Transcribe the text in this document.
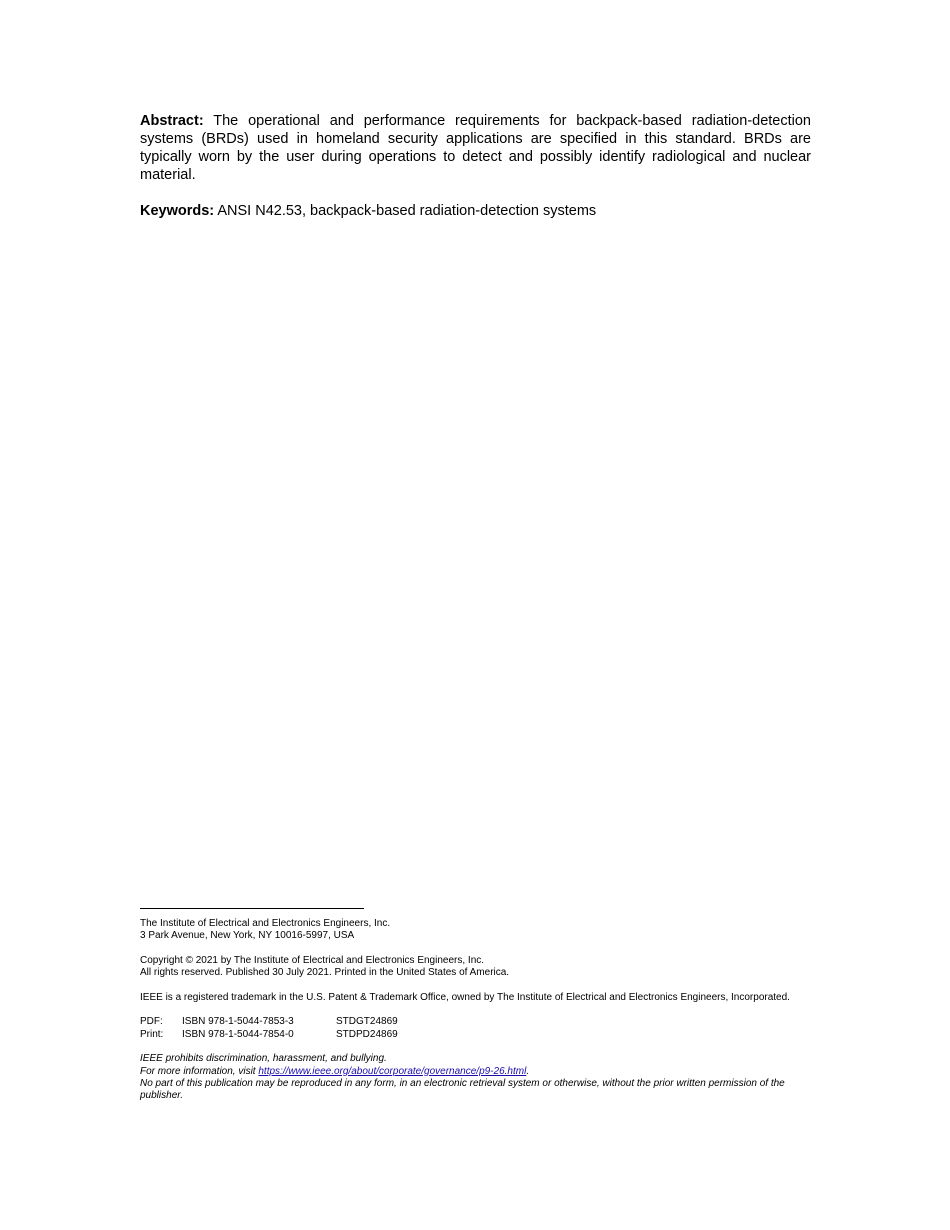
Abstract: The operational and performance requirements for backpack-based radiation-detection systems (BRDs) used in homeland security applications are specified in this standard. BRDs are typically worn by the user during operations to detect and possibly identify radiological and nuclear material.

Keywords: ANSI N42.53, backpack-based radiation-detection systems

The Institute of Electrical and Electronics Engineers, Inc.

3 Park Avenue, New York, NY 10016-5997, USA

Copyright © 2021 by The Institute of Electrical and Electronics Engineers, Inc.

All rights reserved. Published 30 July 2021. Printed in the United States of America.

IEEE is a registered trademark in the U.S. Patent & Trademark Office, owned by The Institute of Electrical and Electronics Engineers, Incorporated.

PDF:	ISBN 978-1-5044-7853-3	STDGT24869
Print:	ISBN 978-1-5044-7854-0	STDPD24869

IEEE prohibits discrimination, harassment, and bullying.

For more information, visit https://www.ieee.org/about/corporate/governance/p9-26.html.

No part of this publication may be reproduced in any form, in an electronic retrieval system or otherwise, without the prior written permission of the publisher.
